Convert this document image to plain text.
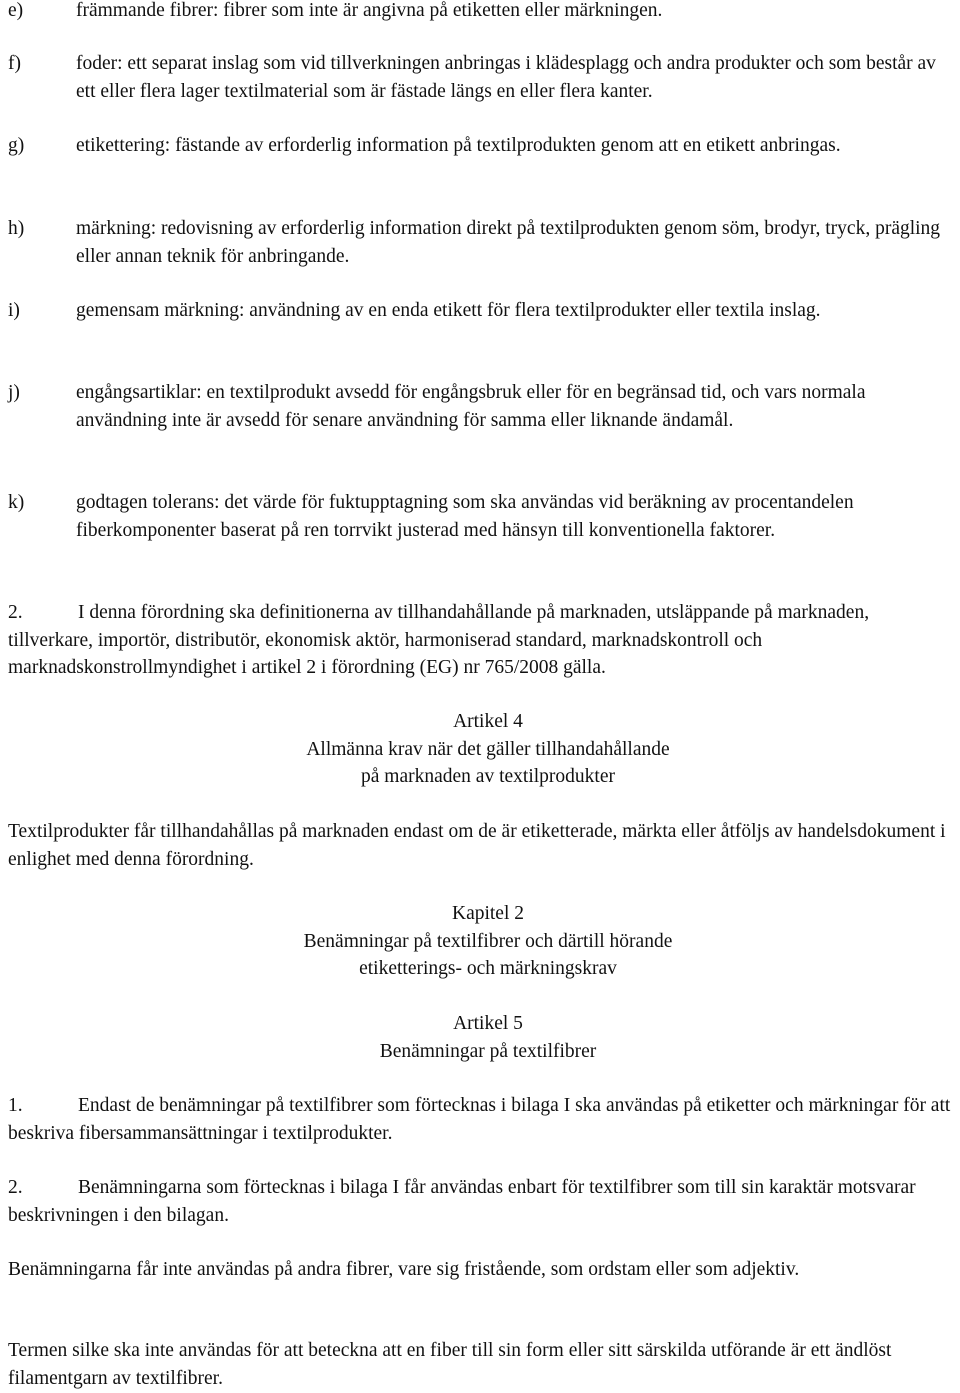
e)	främmande fibrer: fibrer som inte är angivna på etiketten eller märkningen.
f)	foder: ett separat inslag som vid tillverkningen anbringas i klädesplagg och andra produkter och som består av ett eller flera lager textilmaterial som är fästade längs en eller flera kanter.
g)	etikettering: fästande av erforderlig information på textilprodukten genom att en etikett anbringas.
h)	märkning: redovisning av erforderlig information direkt på textilprodukten genom söm, brodyr, tryck, prägling eller annan teknik för anbringande.
i)	gemensam märkning: användning av en enda etikett för flera textilprodukter eller textila inslag.
j)	engångsartiklar: en textilprodukt avsedd för engångsbruk eller för en begränsad tid, och vars normala användning inte är avsedd för senare användning för samma eller liknande ändamål.
k)	godtagen tolerans: det värde för fuktupptagning som ska användas vid beräkning av procentandelen fiberkomponenter baserat på ren torrvikt justerad med hänsyn till konventionella faktorer.
2.	I denna förordning ska definitionerna av tillhandahållande på marknaden, utsläppande på marknaden, tillverkare, importör, distributör, ekonomisk aktör, harmoniserad standard, marknadskontroll och marknadskonstrollmyndighet i artikel 2 i förordning (EG) nr 765/2008 gälla.
Artikel 4
Allmänna krav när det gäller tillhandahållande
på marknaden av textilprodukter
Textilprodukter får tillhandahållas på marknaden endast om de är etiketterade, märkta eller åtföljs av handelsdokument i enlighet med denna förordning.
Kapitel 2
Benämningar på textilfibrer och därtill hörande
etiketterings- och märkningskrav
Artikel 5
Benämningar på textilfibrer
1.	Endast de benämningar på textilfibrer som förtecknas i bilaga I ska användas på etiketter och märkningar för att beskriva fibersammansättningar i textilprodukter.
2.	Benämningarna som förtecknas i bilaga I får användas enbart för textilfibrer som till sin karaktär motsvarar beskrivningen i den bilagan.
Benämningarna får inte användas på andra fibrer, vare sig fristående, som ordstam eller som adjektiv.
Termen silke ska inte användas för att beteckna att en fiber till sin form eller sitt särskilda utförande är ett ändlöst filamentgarn av textilfibrer.
